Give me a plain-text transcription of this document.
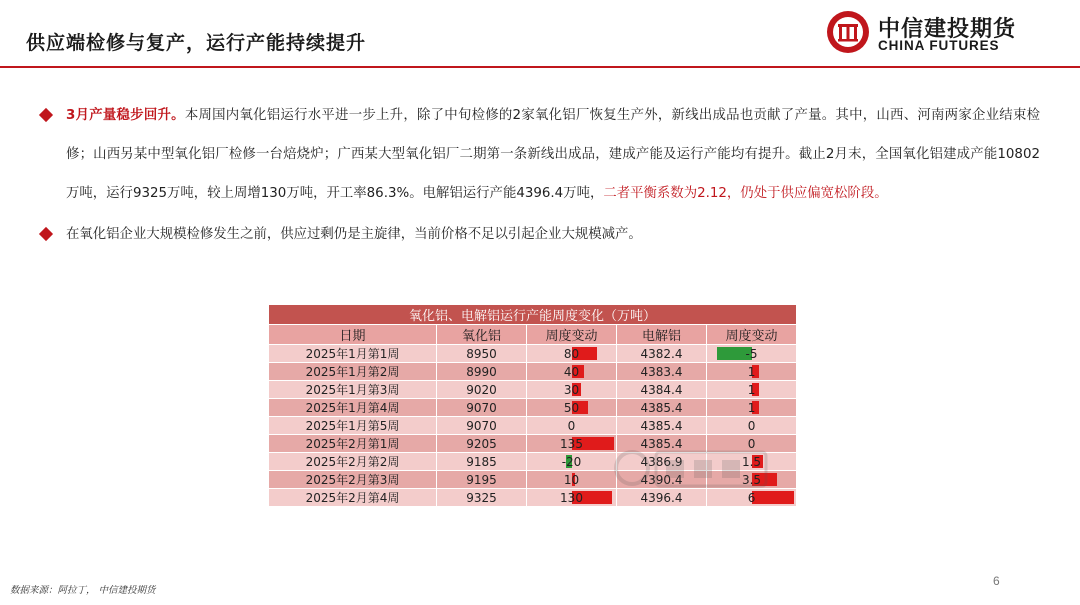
供应端检修与复产，运行产能持续提升
中信建投期货
CHINA FUTURES
3月产量稳步回升。本周国内氧化铝运行水平进一步上升，除了中旬检修的2家氧化铝厂恢复生产外，新线出成品也贡献了产量。其中，山西、河南两家企业结束检修；山西另某中型氧化铝厂检修一台焙烧炉；广西某大型氧化铝厂二期第一条新线出成品，建成产能及运行产能均有提升。截止2月末，全国氧化铝建成产能10802万吨，运行9325万吨，较上周增130万吨，开工率86.3%。电解铝运行产能4396.4万吨，二者平衡系数为2.12，仍处于供应偏宽松阶段。
在氧化铝企业大规模检修发生之前，供应过剩仍是主旋律，当前价格不足以引起企业大规模减产。
氧化铝、电解铝运行产能周度变化（万吨）				
日期	氧化铝	周度变动	电解铝	周度变动
2025年1月第1周	8950	80	4382.4	-5
2025年1月第2周	8990	40	4383.4	1
2025年1月第3周	9020	30	4384.4	1
2025年1月第4周	9070	50	4385.4	1
2025年1月第5周	9070	0	4385.4	0
2025年2月第1周	9205	135	4385.4	0
2025年2月第2周	9185	-20	4386.9	1.5
2025年2月第3周	9195	10	4390.4	3.5
2025年2月第4周	9325	130	4396.4	6
数据来源：阿拉丁， 中信建投期货
6
